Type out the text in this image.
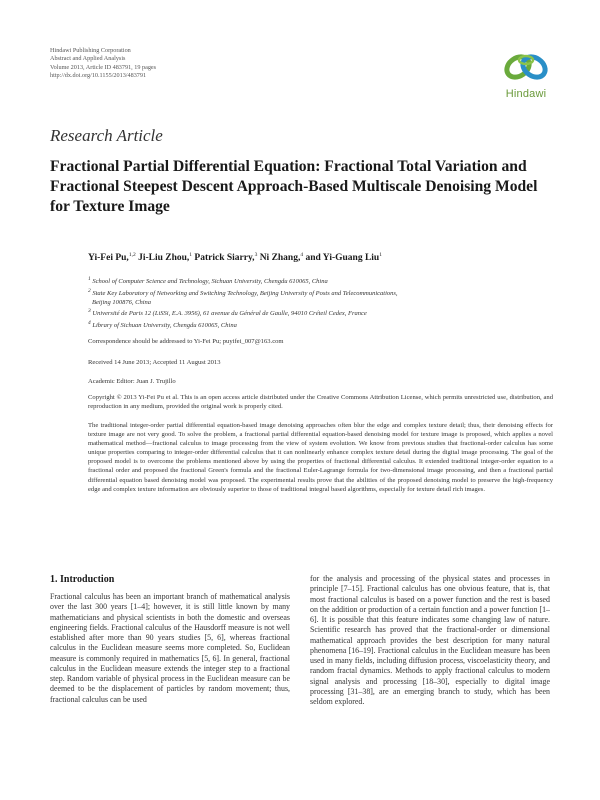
Hindawi Publishing Corporation
Abstract and Applied Analysis
Volume 2013, Article ID 483791, 19 pages
http://dx.doi.org/10.1155/2013/483791
Hindawi
Research Article
Fractional Partial Differential Equation: Fractional Total Variation and Fractional Steepest Descent Approach-Based Multiscale Denoising Model for Texture Image
Yi-Fei Pu,$^{1,2}$ Ji-Liu Zhou,$^1$ Patrick Siarry,$^3$ Ni Zhang,$^4$ and Yi-Guang Liu$^1$

$^1$ School of Computer Science and Technology, Sichuan University, Chengdu 610065, China

$^2$ State Key Laboratory of Networking and Switching Technology, Beijing University of Posts and Telecommunications,

Beijing 100876, China

$^3$ Université de Paris 12 (LiSSi, E.A. 3956), 61 avenue du Général de Gaulle, 94010 Créteil Cedex, France

$^4$ Library of Sichuan University, Chengdu 610065, China

Correspondence should be addressed to Yi-Fei Pu; puyifei_007@163.com
Received 14 June 2013; Accepted 11 August 2013
Academic Editor: Juan J. Trujillo
Copyright © 2013 Yi-Fei Pu et al. This is an open access article distributed under the Creative Commons Attribution License, which permits unrestricted use, distribution, and reproduction in any medium, provided the original work is properly cited.
The traditional integer-order partial differential equation-based image denoising approaches often blur the edge and complex texture detail; thus, their denoising effects for texture image are not very good. To solve the problem, a fractional partial differential equation-based denoising model for texture image is proposed, which applies a novel mathematical method—fractional calculus to image processing from the view of system evolution. We know from previous studies that fractional-order calculus has some unique properties comparing to integer-order differential calculus that it can nonlinearly enhance complex texture detail during the digital image processing. The goal of the proposed model is to overcome the problems mentioned above by using the properties of fractional differential calculus. It extended traditional integer-order equation to a fractional order and proposed the fractional Green's formula and the fractional Euler-Lagrange formula for two-dimensional image processing, and then a fractional partial differential equation based denoising model was proposed. The experimental results prove that the abilities of the proposed denoising model to preserve the high-frequency edge and complex texture information are obviously superior to those of traditional integral based algorithms, especially for texture detail rich images.
1. Introduction
Fractional calculus has been an important branch of mathematical analysis over the last 300 years [1–4]; however, it is still little known by many mathematicians and physical scientists in both the domestic and overseas engineering fields. Fractional calculus of the Hausdorff measure is not well established after more than 90 years studies [5, 6], whereas fractional calculus in the Euclidean measure seems more completed. So, Euclidean measure is commonly required in mathematics [5, 6]. In general, fractional calculus in the Euclidean measure extends the integer step to a fractional step. Random variable of physical process in the Euclidean measure can be deemed to be the displacement of particles by random movement; thus, fractional calculus can be used
for the analysis and processing of the physical states and processes in principle [7–15]. Fractional calculus has one obvious feature, that is, that most fractional calculus is based on a power function and the rest is based on the addition or production of a certain function and a power function [1–6]. It is possible that this feature indicates some changing law of nature. Scientific research has proved that the fractional-order or dimensional mathematical approach provides the best description for many natural phenomena [16–19]. Fractional calculus in the Euclidean measure has been used in many fields, including diffusion process, viscoelasticity theory, and random fractal dynamics. Methods to apply fractional calculus to modern signal analysis and processing [18–30], especially to digital image processing [31–38], are an emerging branch to study, which has been seldom explored.
